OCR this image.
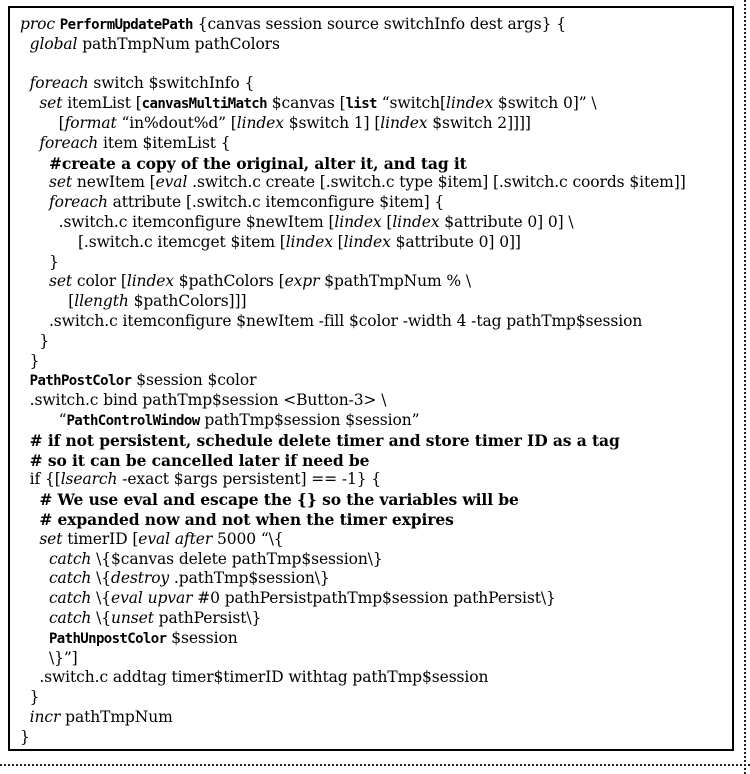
proc PerformUpdatePath {canvas session source switchInfo dest args} {
global pathTmpNum pathColors

foreach switch $switchInfo {
set itemList [canvasMultiMatch $canvas [list “switch[lindex $switch 0]” \
[format “in%dout%d” [lindex $switch 1] [lindex $switch 2]]]]
foreach item $itemList {
#create a copy of the original, alter it, and tag it
set newItem [eval .switch.c create [.switch.c type $item] [.switch.c coords $item]]
foreach attribute [.switch.c itemconfigure $item] {
.switch.c itemconfigure $newItem [lindex [lindex $attribute 0] 0] \
[.switch.c itemcget $item [lindex [lindex $attribute 0] 0]]
}
set color [lindex $pathColors [expr $pathTmpNum % \
[llength $pathColors]]]
.switch.c itemconfigure $newItem -fill $color -width 4 -tag pathTmp$session
}
}
PathPostColor $session $color
.switch.c bind pathTmp$session <Button-3> \
“PathControlWindow pathTmp$session $session”
# if not persistent, schedule delete timer and store timer ID as a tag
# so it can be cancelled later if need be
if {[lsearch -exact $args persistent] == -1} {
# We use eval and escape the {} so the variables will be
# expanded now and not when the timer expires
set timerID [eval after 5000 “\{
catch \{$canvas delete pathTmp$session\}
catch \{destroy .pathTmp$session\}
catch \{eval upvar #0 pathPersistpathTmp$session pathPersist\}
catch \{unset pathPersist\}
PathUnpostColor $session
\}”]
.switch.c addtag timer$timerID withtag pathTmp$session
}
incr pathTmpNum
}
